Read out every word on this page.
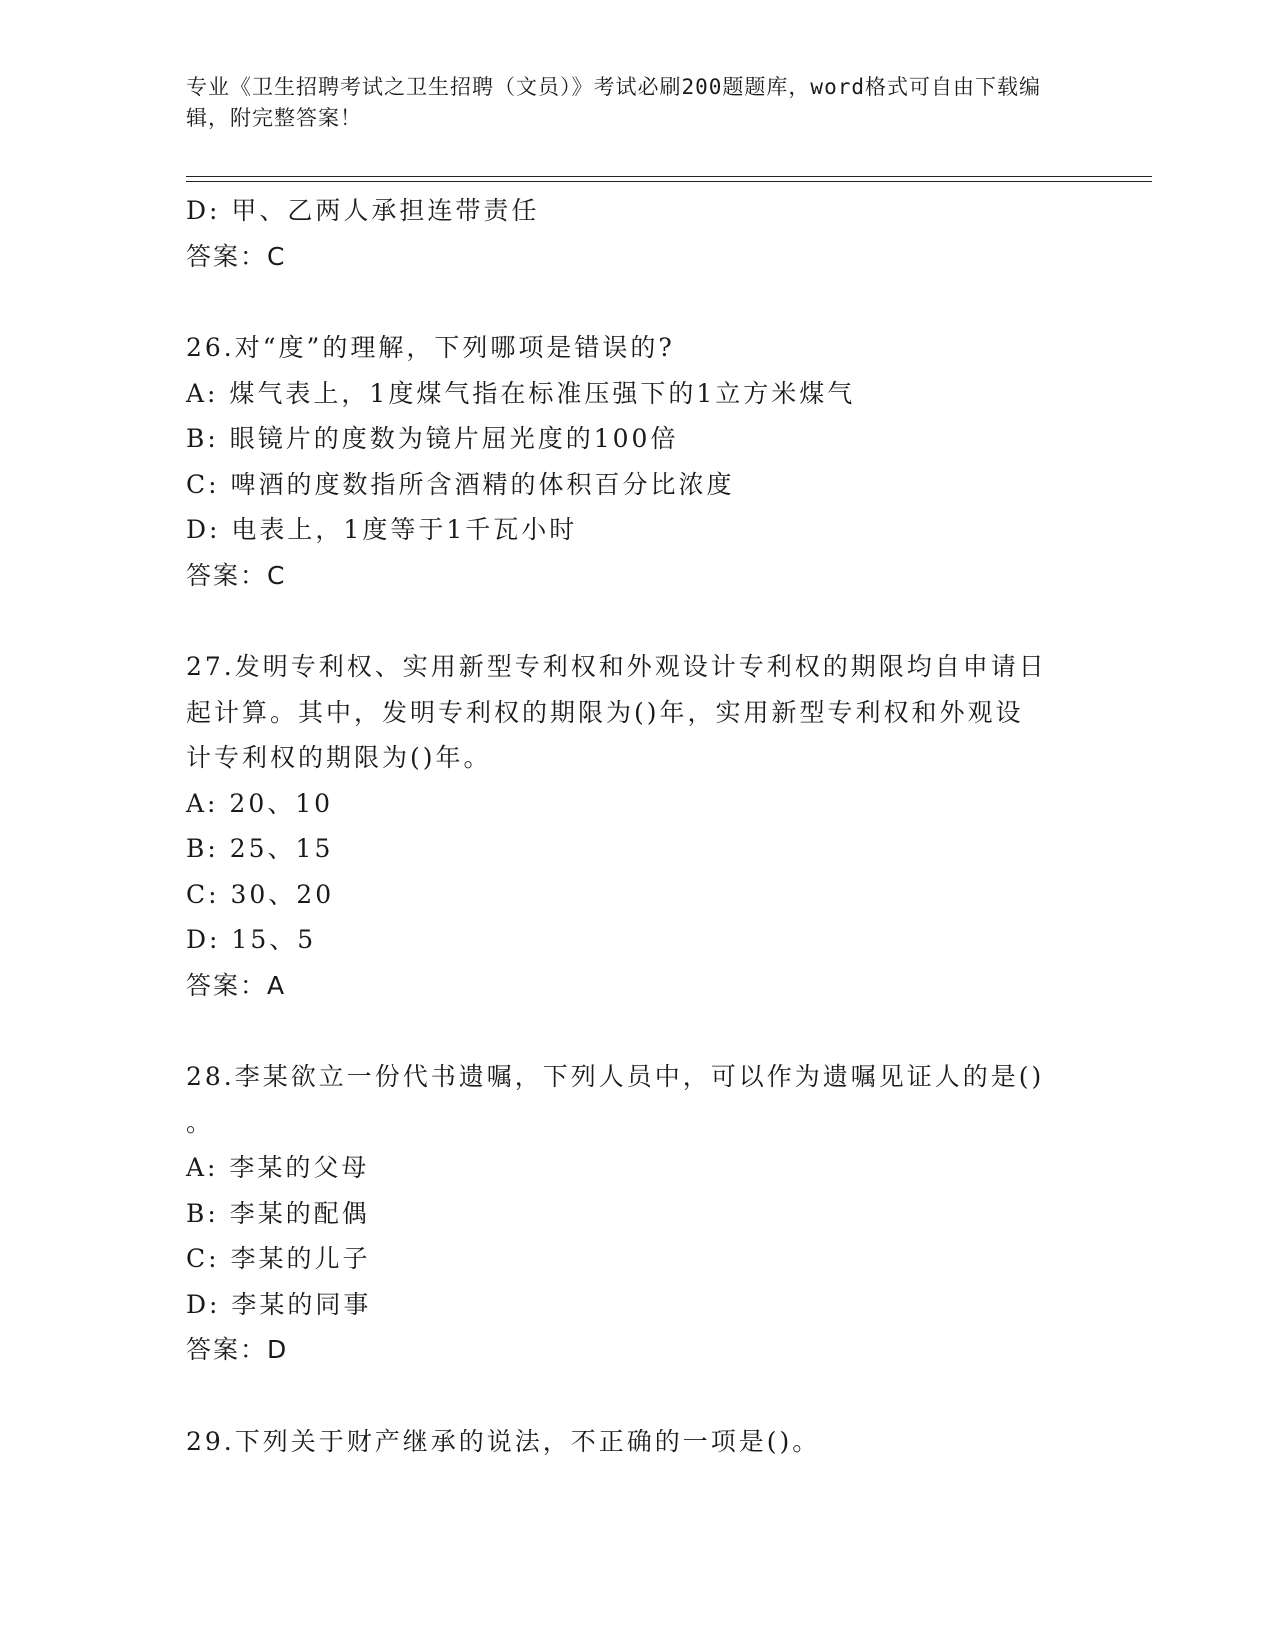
专业《卫生招聘考试之卫生招聘（文员）》考试必刷200题题库，word格式可自由下载编辑，附完整答案！
D: 甲、乙两人承担连带责任
答案：C
26.对“度”的理解，下列哪项是错误的?
A: 煤气表上，1度煤气指在标准压强下的1立方米煤气
B: 眼镜片的度数为镜片屈光度的100倍
C: 啤酒的度数指所含酒精的体积百分比浓度
D: 电表上，1度等于1千瓦小时
答案：C
27.发明专利权、实用新型专利权和外观设计专利权的期限均自申请日
起计算。其中，发明专利权的期限为()年，实用新型专利权和外观设
计专利权的期限为()年。
A: 20、10
B: 25、15
C: 30、20
D: 15、5
答案：A
28.李某欲立一份代书遗嘱，下列人员中，可以作为遗嘱见证人的是()
。
A: 李某的父母
B: 李某的配偶
C: 李某的儿子
D: 李某的同事
答案：D
29.下列关于财产继承的说法，不正确的一项是()。
